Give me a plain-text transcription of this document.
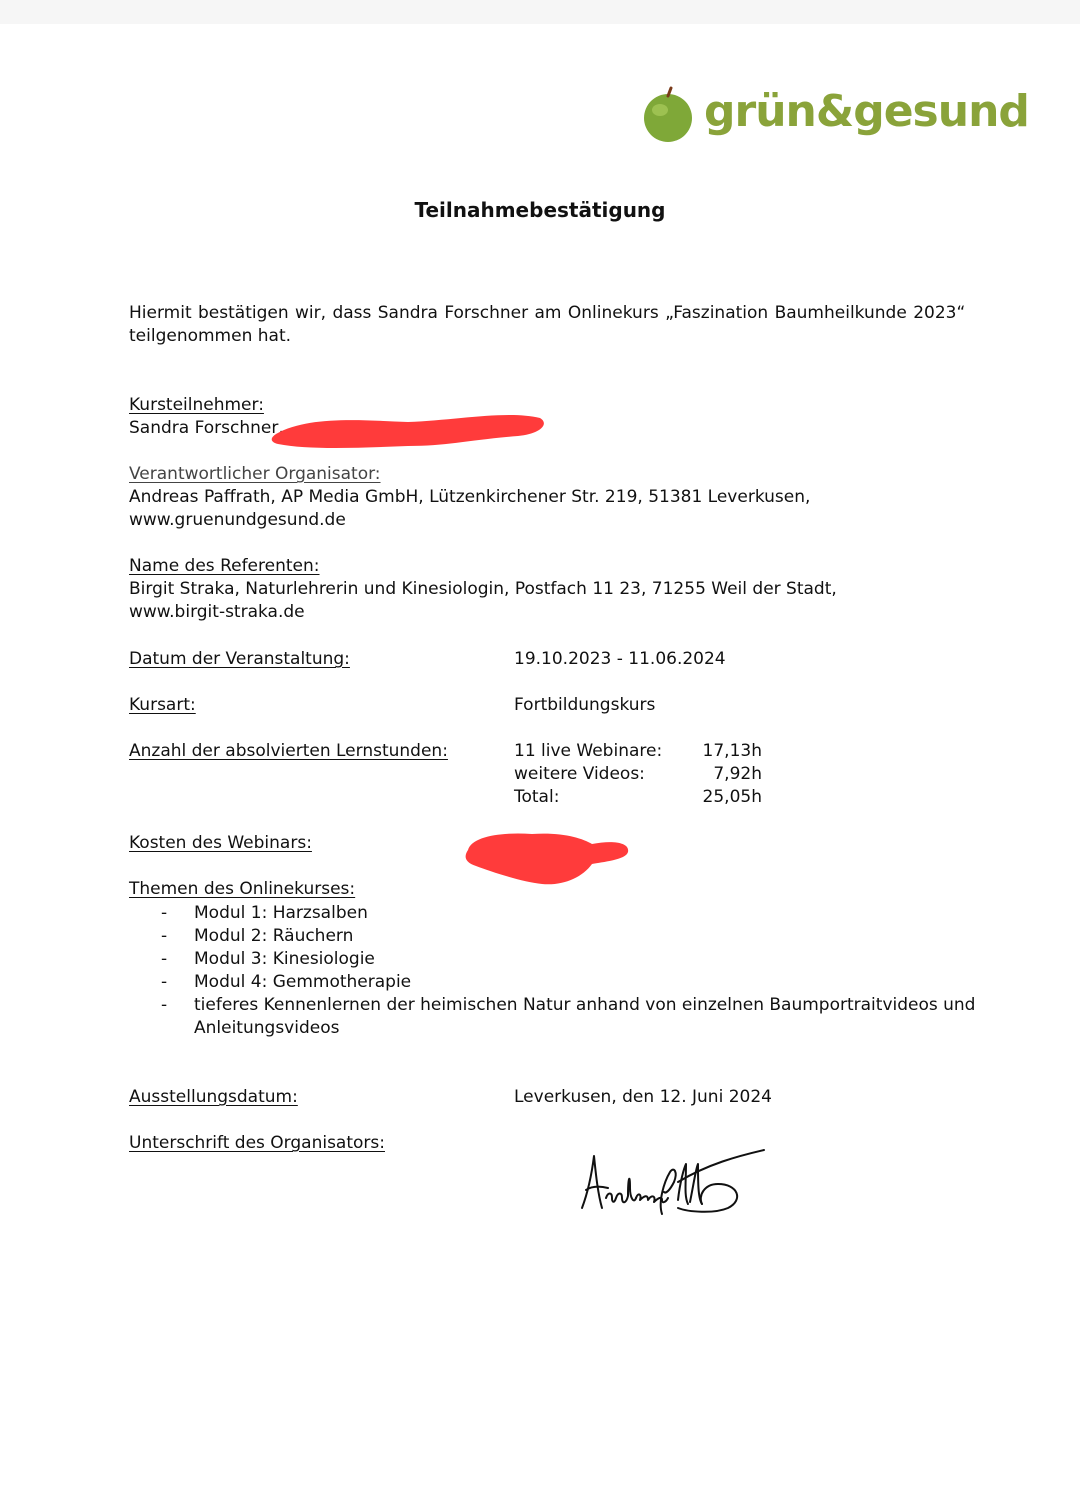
grün&gesund
Teilnahmebestätigung
Hiermit bestätigen wir, dass Sandra Forschner am Onlinekurs „Faszination Baumheilkunde 2023“
teilgenommen hat.
Kursteilnehmer:
Sandra Forschner,
Verantwortlicher Organisator:
Andreas Paffrath, AP Media GmbH, Lützenkirchener Str. 219, 51381 Leverkusen,
www.gruenundgesund.de
Name des Referenten:
Birgit Straka, Naturlehrerin und Kinesiologin, Postfach 11 23, 71255 Weil der Stadt,
www.birgit-straka.de
Datum der Veranstaltung:	19.10.2023 - 11.06.2024
Kursart:	Fortbildungskurs
Anzahl der absolvierten Lernstunden:	11 live Webinare:	17,13h
weitere Videos:	7,92h
Total:	25,05h
Kosten des Webinars:
Themen des Onlinekurses:
-	Modul 1: Harzsalben
-	Modul 2: Räuchern
-	Modul 3: Kinesiologie
-	Modul 4: Gemmotherapie
-	tieferes Kennenlernen der heimischen Natur anhand von einzelnen Baumportraitvideos und
Anleitungsvideos
Ausstellungsdatum:	Leverkusen, den 12. Juni 2024
Unterschrift des Organisators:
